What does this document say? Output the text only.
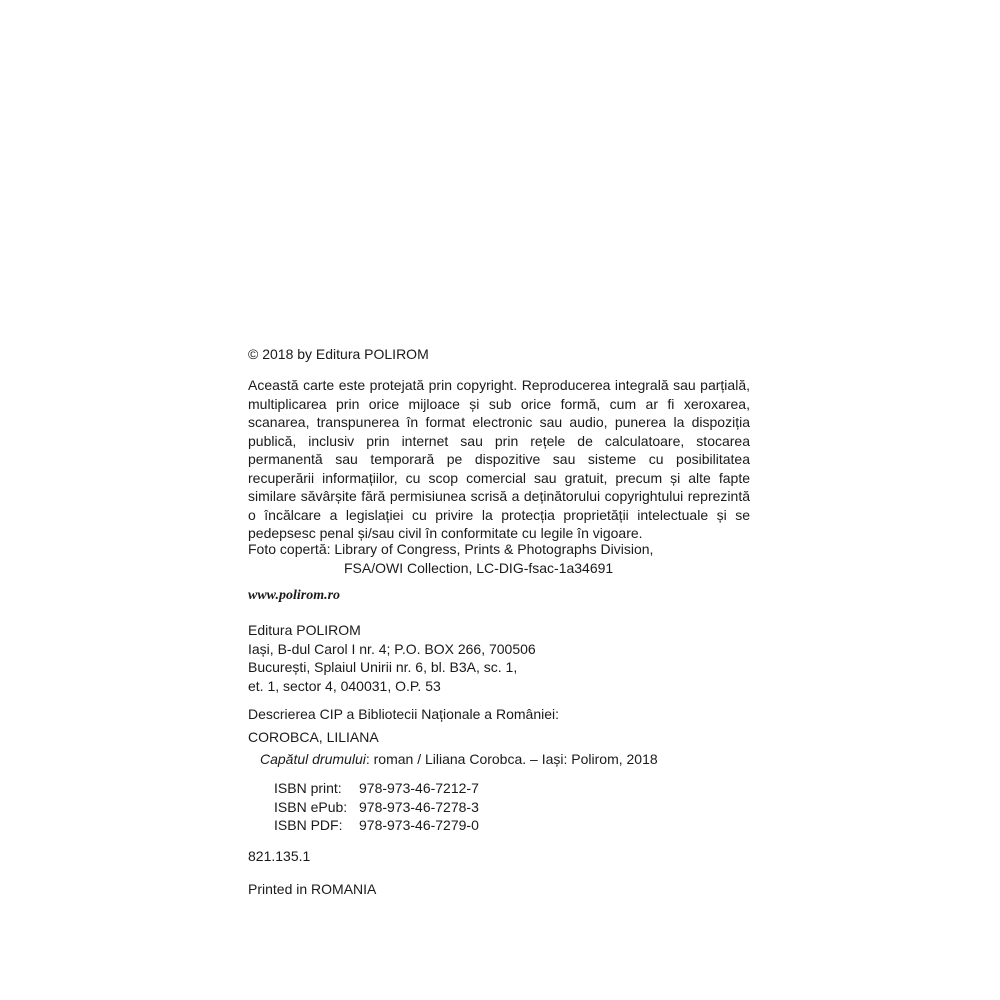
© 2018 by Editura POLIROM
Această carte este protejată prin copyright. Reproducerea integrală sau parțială, multiplicarea prin orice mijloace și sub orice formă, cum ar fi xeroxarea, scanarea, transpunerea în format electronic sau audio, punerea la dispoziția publică, inclusiv prin internet sau prin rețele de calculatoare, stocarea permanentă sau temporară pe dispozitive sau sisteme cu posibilitatea recuperării informațiilor, cu scop comercial sau gratuit, precum și alte fapte similare săvârșite fără permisiunea scrisă a deținătorului copyrightului reprezintă o încălcare a legislației cu privire la protecția proprietății intelectuale și se pedepsesc penal și/sau civil în conformitate cu legile în vigoare.
Foto copertă: Library of Congress, Prints & Photographs Division,
FSA/OWI Collection, LC-DIG-fsac-1a34691
www.polirom.ro
Editura POLIROM
Iași, B-dul Carol I nr. 4; P.O. BOX 266, 700506
București, Splaiul Unirii nr. 6, bl. B3A, sc. 1,
et. 1, sector 4, 040031, O.P. 53
Descrierea CIP a Bibliotecii Naționale a României:
COROBCA, LILIANA
Capătul drumului: roman / Liliana Corobca. – Iași: Polirom, 2018
ISBN print:	978-973-46-7212-7
ISBN ePub: 978-973-46-7278-3
ISBN PDF:	978-973-46-7279-0
821.135.1
Printed in ROMANIA
